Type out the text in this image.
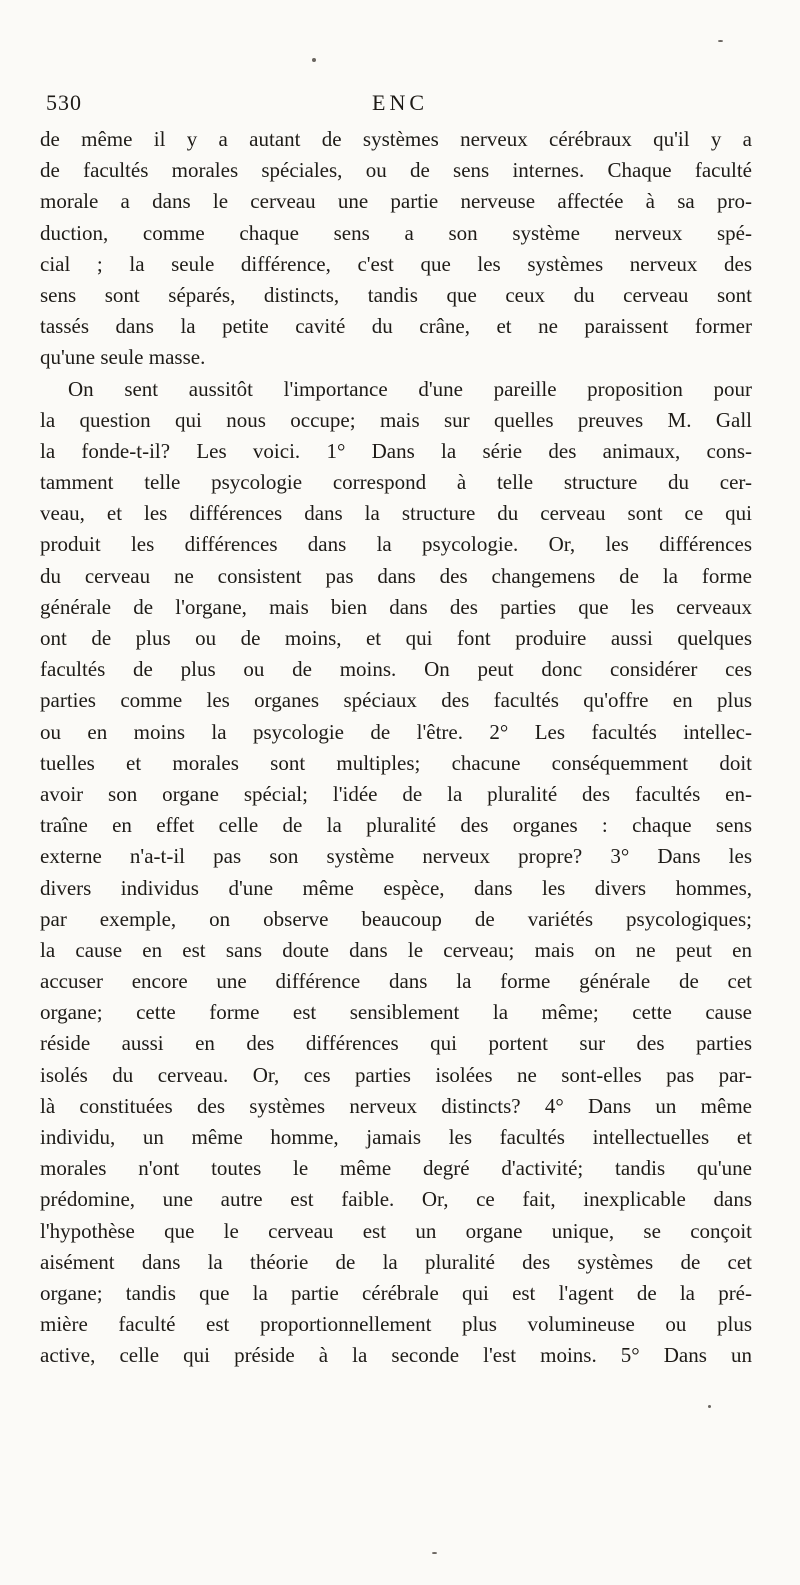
530	ENC
de même il y a autant de systèmes nerveux cérébraux qu'il y a
de facultés morales spéciales, ou de sens internes. Chaque faculté
morale a dans le cerveau une partie nerveuse affectée à sa pro-
duction, comme chaque sens a son système nerveux spé-
cial ; la seule différence, c'est que les systèmes nerveux des
sens sont séparés, distincts, tandis que ceux du cerveau sont
tassés dans la petite cavité du crâne, et ne paraissent former
qu'une seule masse.
On sent aussitôt l'importance d'une pareille proposition pour
la question qui nous occupe; mais sur quelles preuves M. Gall
la fonde-t-il? Les voici. 1° Dans la série des animaux, cons-
tamment telle psycologie correspond à telle structure du cer-
veau, et les différences dans la structure du cerveau sont ce qui
produit les différences dans la psycologie. Or, les différences
du cerveau ne consistent pas dans des changemens de la forme
générale de l'organe, mais bien dans des parties que les cerveaux
ont de plus ou de moins, et qui font produire aussi quelques
facultés de plus ou de moins. On peut donc considérer ces
parties comme les organes spéciaux des facultés qu'offre en plus
ou en moins la psycologie de l'être. 2° Les facultés intellec-
tuelles et morales sont multiples; chacune conséquemment doit
avoir son organe spécial; l'idée de la pluralité des facultés en-
traîne en effet celle de la pluralité des organes : chaque sens
externe n'a-t-il pas son système nerveux propre? 3° Dans les
divers individus d'une même espèce, dans les divers hommes,
par exemple, on observe beaucoup de variétés psycologiques;
la cause en est sans doute dans le cerveau; mais on ne peut en
accuser encore une différence dans la forme générale de cet
organe; cette forme est sensiblement la même; cette cause
réside aussi en des différences qui portent sur des parties
isolés du cerveau. Or, ces parties isolées ne sont-elles pas par-
là constituées des systèmes nerveux distincts? 4° Dans un même
individu, un même homme, jamais les facultés intellectuelles et
morales n'ont toutes le même degré d'activité; tandis qu'une
prédomine, une autre est faible. Or, ce fait, inexplicable dans
l'hypothèse que le cerveau est un organe unique, se conçoit
aisément dans la théorie de la pluralité des systèmes de cet
organe; tandis que la partie cérébrale qui est l'agent de la pré-
mière faculté est proportionnellement plus volumineuse ou plus
active, celle qui préside à la seconde l'est moins. 5° Dans un
